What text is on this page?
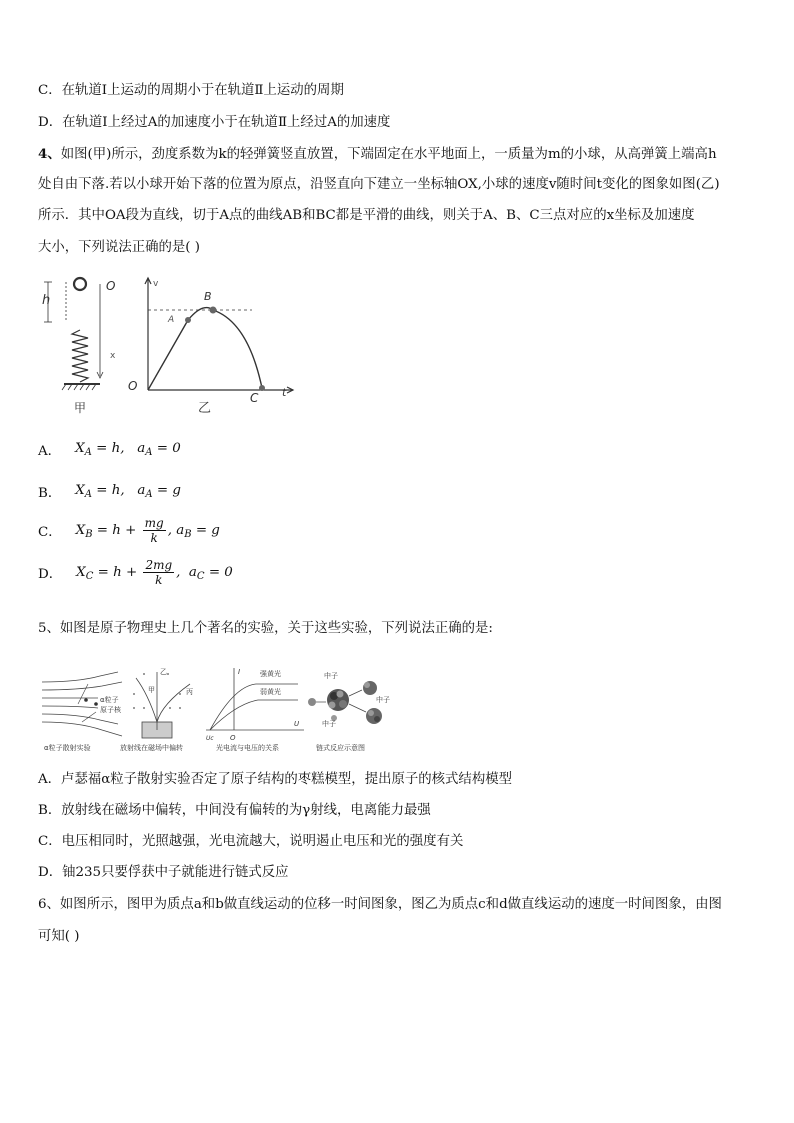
C．在轨道Ⅰ上运动的周期小于在轨道Ⅱ上运动的周期
D．在轨道Ⅰ上经过A的加速度小于在轨道Ⅱ上经过A的加速度
4、如图(甲)所示，劲度系数为k的轻弹簧竖直放置，下端固定在水平地面上，一质量为m的小球，从高弹簧上端高h
处自由下落.若以小球开始下落的位置为原点，沿竖直向下建立一坐标轴OX,小球的速度v随时间t变化的图象如图(乙)
所示．其中OA段为直线，切于A点的曲线AB和BC都是平滑的曲线，则关于A、B、C三点对应的x坐标及加速度
大小，下列说法正确的是( )
h
O
x
甲
v
B
A
O
C t
乙
A． $X_A = h$, $a_A = 0$
B． $X_A = h$, $a_A = g$
C． $X_B = h + \frac{mg}{k}$ , $a_B = g$
D． $X_C = h + \frac{2mg}{k}$ , $a_C = 0$
5、如图是原子物理史上几个著名的实验，关于这些实验，下列说法正确的是:
α粒子
原子核
α粒子散射实验
甲
乙
丙
放射线在磁场中偏转
I	强黄光
弱黄光
U
Uc O
光电流与电压的关系
中子
中子
中子
链式反应示意图
A．卢瑟福α粒子散射实验否定了原子结构的枣糕模型，提出原子的核式结构模型
B．放射线在磁场中偏转，中间没有偏转的为γ射线，电离能力最强
C．电压相同时，光照越强，光电流越大，说明遏止电压和光的强度有关
D．铀235只要俘获中子就能进行链式反应
6、如图所示，图甲为质点a和b做直线运动的位移一时间图象，图乙为质点c和d做直线运动的速度一时间图象，由图
可知( )
